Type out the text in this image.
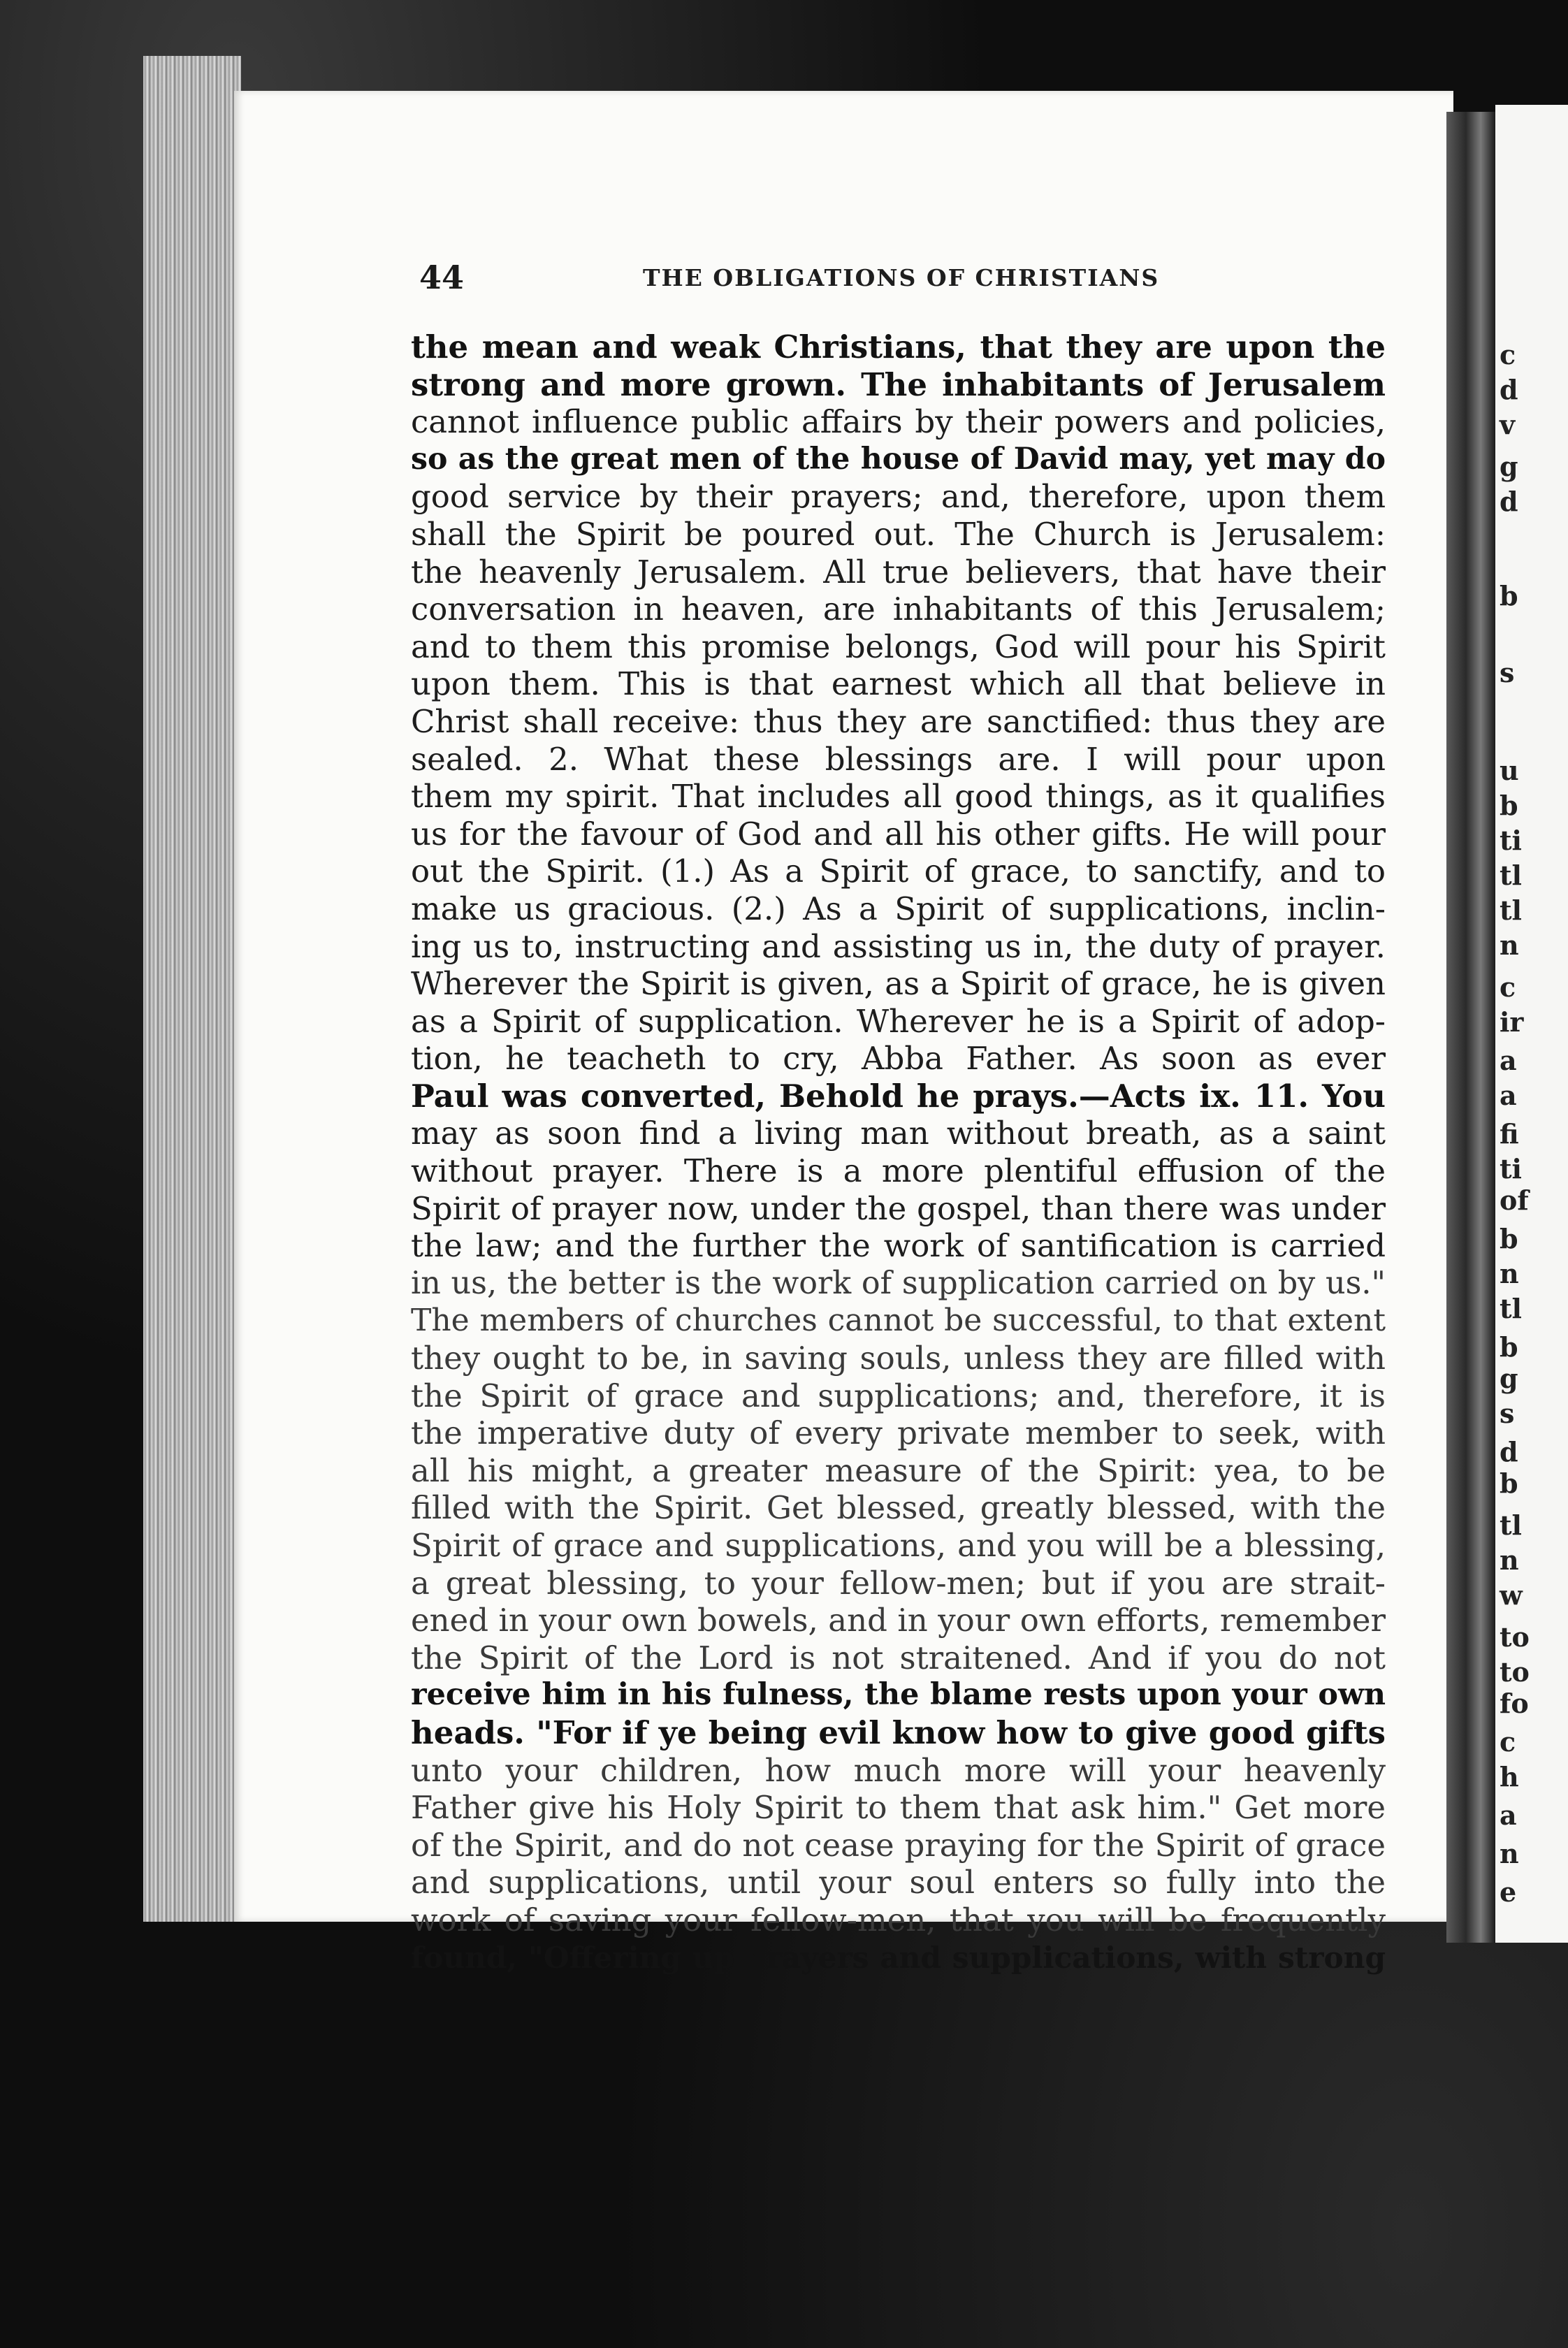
c
d
v
g
d
b
s
u
b
ti
tl
tl
n
c
ir
a
a
fi
ti
of
b
n
tl
b
g
s
d
b
tl
n
w
to
to
fo
c
h
a
n
e
44	THE OBLIGATIONS OF CHRISTIANS
the mean and weak Christians, that they are upon the
strong and more grown. The inhabitants of Jerusalem
cannot influence public affairs by their powers and policies,
so as the great men of the house of David may, yet may do
good service by their prayers; and, therefore, upon them
shall the Spirit be poured out. The Church is Jerusalem:
the heavenly Jerusalem. All true believers, that have their
conversation in heaven, are inhabitants of this Jerusalem;
and to them this promise belongs, God will pour his Spirit
upon them. This is that earnest which all that believe in
Christ shall receive: thus they are sanctified: thus they are
sealed. 2. What these blessings are. I will pour upon
them my spirit. That includes all good things, as it qualifies
us for the favour of God and all his other gifts. He will pour
out the Spirit. (1.) As a Spirit of grace, to sanctify, and to
make us gracious. (2.) As a Spirit of supplications, inclin-
ing us to, instructing and assisting us in, the duty of prayer.
Wherever the Spirit is given, as a Spirit of grace, he is given
as a Spirit of supplication. Wherever he is a Spirit of adop-
tion, he teacheth to cry, Abba Father. As soon as ever
Paul was converted, Behold he prays.—Acts ix. 11. You
may as soon find a living man without breath, as a saint
without prayer. There is a more plentiful effusion of the
Spirit of prayer now, under the gospel, than there was under
the law; and the further the work of santification is carried
in us, the better is the work of supplication carried on by us."
The members of churches cannot be successful, to that extent
they ought to be, in saving souls, unless they are filled with
the Spirit of grace and supplications; and, therefore, it is
the imperative duty of every private member to seek, with
all his might, a greater measure of the Spirit: yea, to be
filled with the Spirit. Get blessed, greatly blessed, with the
Spirit of grace and supplications, and you will be a blessing,
a great blessing, to your fellow-men; but if you are strait-
ened in your own bowels, and in your own efforts, remember
the Spirit of the Lord is not straitened. And if you do not
receive him in his fulness, the blame rests upon your own
heads. "For if ye being evil know how to give good gifts
unto your children, how much more will your heavenly
Father give his Holy Spirit to them that ask him." Get more
of the Spirit, and do not cease praying for the Spirit of grace
and supplications, until your soul enters so fully into the
work of saving your fellow-men, that you will be frequently
found, "Offering up prayers and supplications, with strong
